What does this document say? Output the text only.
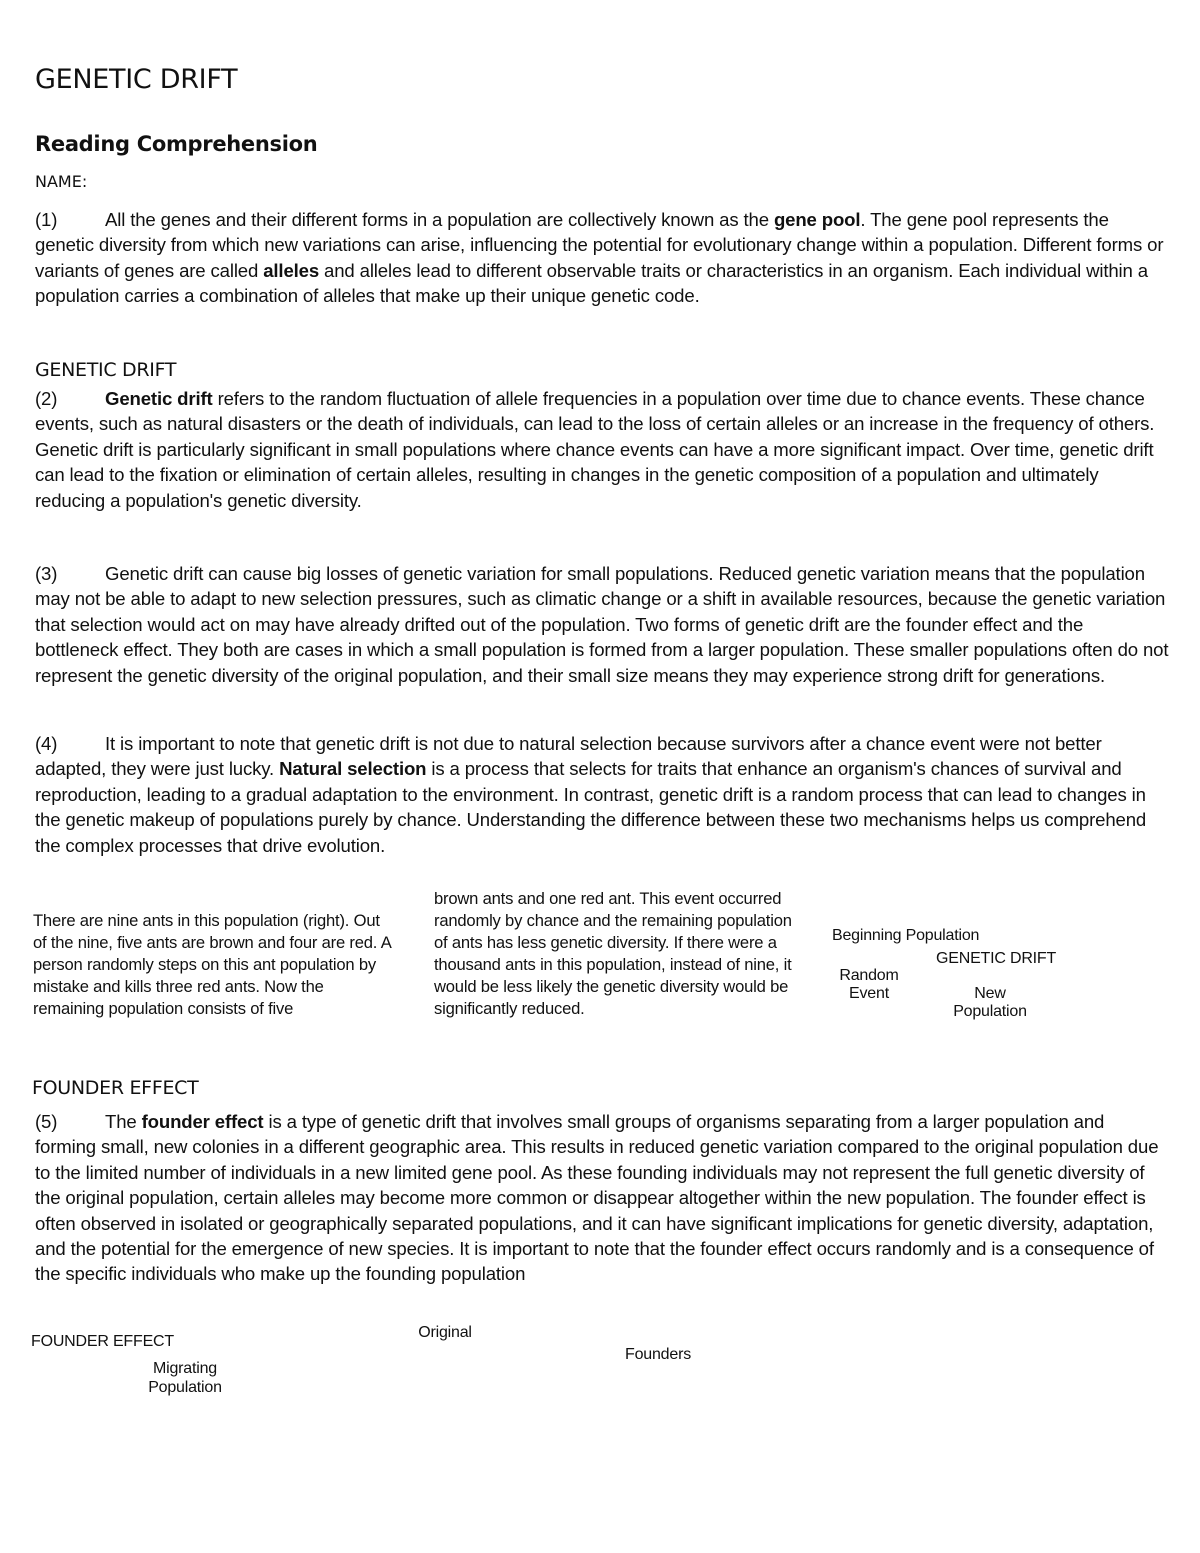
GENETIC DRIFT
Reading Comprehension
NAME:
(1)	All the genes and their different forms in a population are collectively known as the gene pool. The gene pool represents the genetic diversity from which new variations can arise, influencing the potential for evolutionary change within a population. Different forms or variants of genes are called alleles and alleles lead to different observable traits or characteristics in an organism. Each individual within a population carries a combination of alleles that make up their unique genetic code.
GENETIC DRIFT
(2)	Genetic drift refers to the random fluctuation of allele frequencies in a population over time due to chance events. These chance events, such as natural disasters or the death of individuals, can lead to the loss of certain alleles or an increase in the frequency of others. Genetic drift is particularly significant in small populations where chance events can have a more significant impact. Over time, genetic drift can lead to the fixation or elimination of certain alleles, resulting in changes in the genetic composition of a population and ultimately reducing a population's genetic diversity.
(3)	Genetic drift can cause big losses of genetic variation for small populations. Reduced genetic variation means that the population may not be able to adapt to new selection pressures, such as climatic change or a shift in available resources, because the genetic variation that selection would act on may have already drifted out of the population. Two forms of genetic drift are the founder effect and the bottleneck effect. They both are cases in which a small population is formed from a larger population. These smaller populations often do not represent the genetic diversity of the original population, and their small size means they may experience strong drift for generations.
(4)	It is important to note that genetic drift is not due to natural selection because survivors after a chance event were not better adapted, they were just lucky. Natural selection is a process that selects for traits that enhance an organism's chances of survival and reproduction, leading to a gradual adaptation to the environment. In contrast, genetic drift is a random process that can lead to changes in the genetic makeup of populations purely by chance. Understanding the difference between these two mechanisms helps us comprehend the complex processes that drive evolution.
There are nine ants in this population (right). Out of the nine, five ants are brown and four are red. A person randomly steps on this ant population by mistake and kills three red ants. Now the remaining population consists of five
brown ants and one red ant. This event occurred randomly by chance and the remaining population of ants has less genetic diversity. If there were a thousand ants in this population, instead of nine, it would be less likely the genetic diversity would be significantly reduced.
Beginning Population
GENETIC DRIFT
Random
Event	New
Population
FOUNDER EFFECT
(5)	The founder effect is a type of genetic drift that involves small groups of organisms separating from a larger population and forming small, new colonies in a different geographic area. This results in reduced genetic variation compared to the original population due to the limited number of individuals in a new limited gene pool. As these founding individuals may not represent the full genetic diversity of the original population, certain alleles may become more common or disappear altogether within the new population. The founder effect is often observed in isolated or geographically separated populations, and it can have significant implications for genetic diversity, adaptation, and the potential for the emergence of new species. It is important to note that the founder effect occurs randomly and is a consequence of the specific individuals who make up the founding population
FOUNDER EFFECT
Migrating
Population
Original
Founders
